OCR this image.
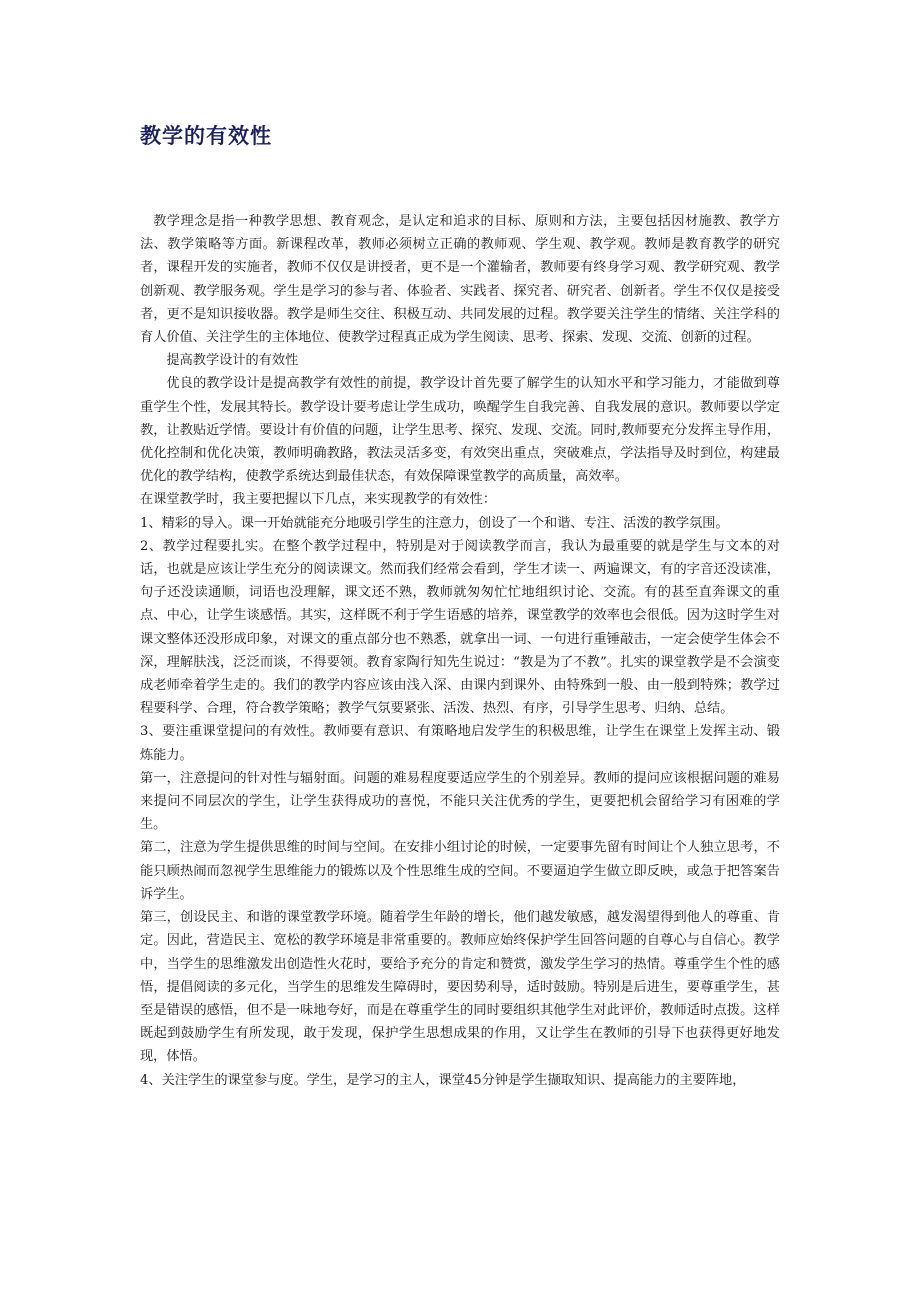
教学的有效性

教学理念是指一种教学思想、教育观念，是认定和追求的目标、原则和方法，主要包括因材施教、教学方法、教学策略等方面。新课程改革，教师必须树立正确的教师观、学生观、教学观。教师是教育教学的研究者，课程开发的实施者，教师不仅仅是讲授者，更不是一个灌输者，教师要有终身学习观、教学研究观、教学创新观、教学服务观。学生是学习的参与者、体验者、实践者、探究者、研究者、创新者。学生不仅仅是接受者，更不是知识接收器。教学是师生交往、积极互动、共同发展的过程。教学要关注学生的情绪、关注学科的育人价值、关注学生的主体地位、使教学过程真正成为学生阅读、思考、探索、发现、交流、创新的过程。

提高教学设计的有效性

优良的教学设计是提高教学有效性的前提，教学设计首先要了解学生的认知水平和学习能力，才能做到尊重学生个性，发展其特长。教学设计要考虑让学生成功，唤醒学生自我完善、自我发展的意识。教师要以学定教，让教贴近学情。要设计有价值的问题，让学生思考、探究、发现、交流。同时,教师要充分发挥主导作用，优化控制和优化决策，教师明确教路，教法灵活多变，有效突出重点，突破难点，学法指导及时到位，构建最优化的教学结构，使教学系统达到最佳状态，有效保障课堂教学的高质量，高效率。

在课堂教学时，我主要把握以下几点，来实现教学的有效性：

1、精彩的导入。课一开始就能充分地吸引学生的注意力，创设了一个和谐、专注、活泼的教学氛围。

2、教学过程要扎实。在整个教学过程中，特别是对于阅读教学而言，我认为最重要的就是学生与文本的对话，也就是应该让学生充分的阅读课文。然而我们经常会看到，学生才读一、两遍课文，有的字音还没读准，句子还没读通顺，词语也没理解，课文还不熟，教师就匆匆忙忙地组织讨论、交流。有的甚至直奔课文的重点、中心，让学生谈感悟。其实，这样既不利于学生语感的培养，课堂教学的效率也会很低。因为这时学生对课文整体还没形成印象，对课文的重点部分也不熟悉，就拿出一词、一句进行重锤敲击，一定会使学生体会不深，理解肤浅，泛泛而谈，不得要领。教育家陶行知先生说过：“教是为了不教”。扎实的课堂教学是不会演变成老师牵着学生走的。我们的教学内容应该由浅入深、由课内到课外、由特殊到一般、由一般到特殊；教学过程要科学、合理，符合教学策略；教学气氛要紧张、活泼、热烈、有序，引导学生思考、归纳、总结。

3、要注重课堂提问的有效性。教师要有意识、有策略地启发学生的积极思维，让学生在课堂上发挥主动、锻炼能力。

第一，注意提问的针对性与辐射面。问题的难易程度要适应学生的个别差异。教师的提问应该根据问题的难易来提问不同层次的学生，让学生获得成功的喜悦，不能只关注优秀的学生，更要把机会留给学习有困难的学生。

第二，注意为学生提供思维的时间与空间。在安排小组讨论的时候，一定要事先留有时间让个人独立思考，不能只顾热闹而忽视学生思维能力的锻炼以及个性思维生成的空间。不要逼迫学生做立即反映，或急于把答案告诉学生。

第三，创设民主、和谐的课堂教学环境。随着学生年龄的增长，他们越发敏感，越发渴望得到他人的尊重、肯定。因此，营造民主、宽松的教学环境是非常重要的。教师应始终保护学生回答问题的自尊心与自信心。教学中，当学生的思维激发出创造性火花时，要给予充分的肯定和赞赏，激发学生学习的热情。尊重学生个性的感悟，提倡阅读的多元化，当学生的思维发生障碍时，要因势利导，适时鼓励。特别是后进生，要尊重学生，甚至是错误的感悟，但不是一味地夸好，而是在尊重学生的同时要组织其他学生对此评价，教师适时点拨。这样既起到鼓励学生有所发现，敢于发现，保护学生思想成果的作用，又让学生在教师的引导下也获得更好地发现，体悟。

4、关注学生的课堂参与度。学生，是学习的主人，课堂45分钟是学生撷取知识、提高能力的主要阵地，
